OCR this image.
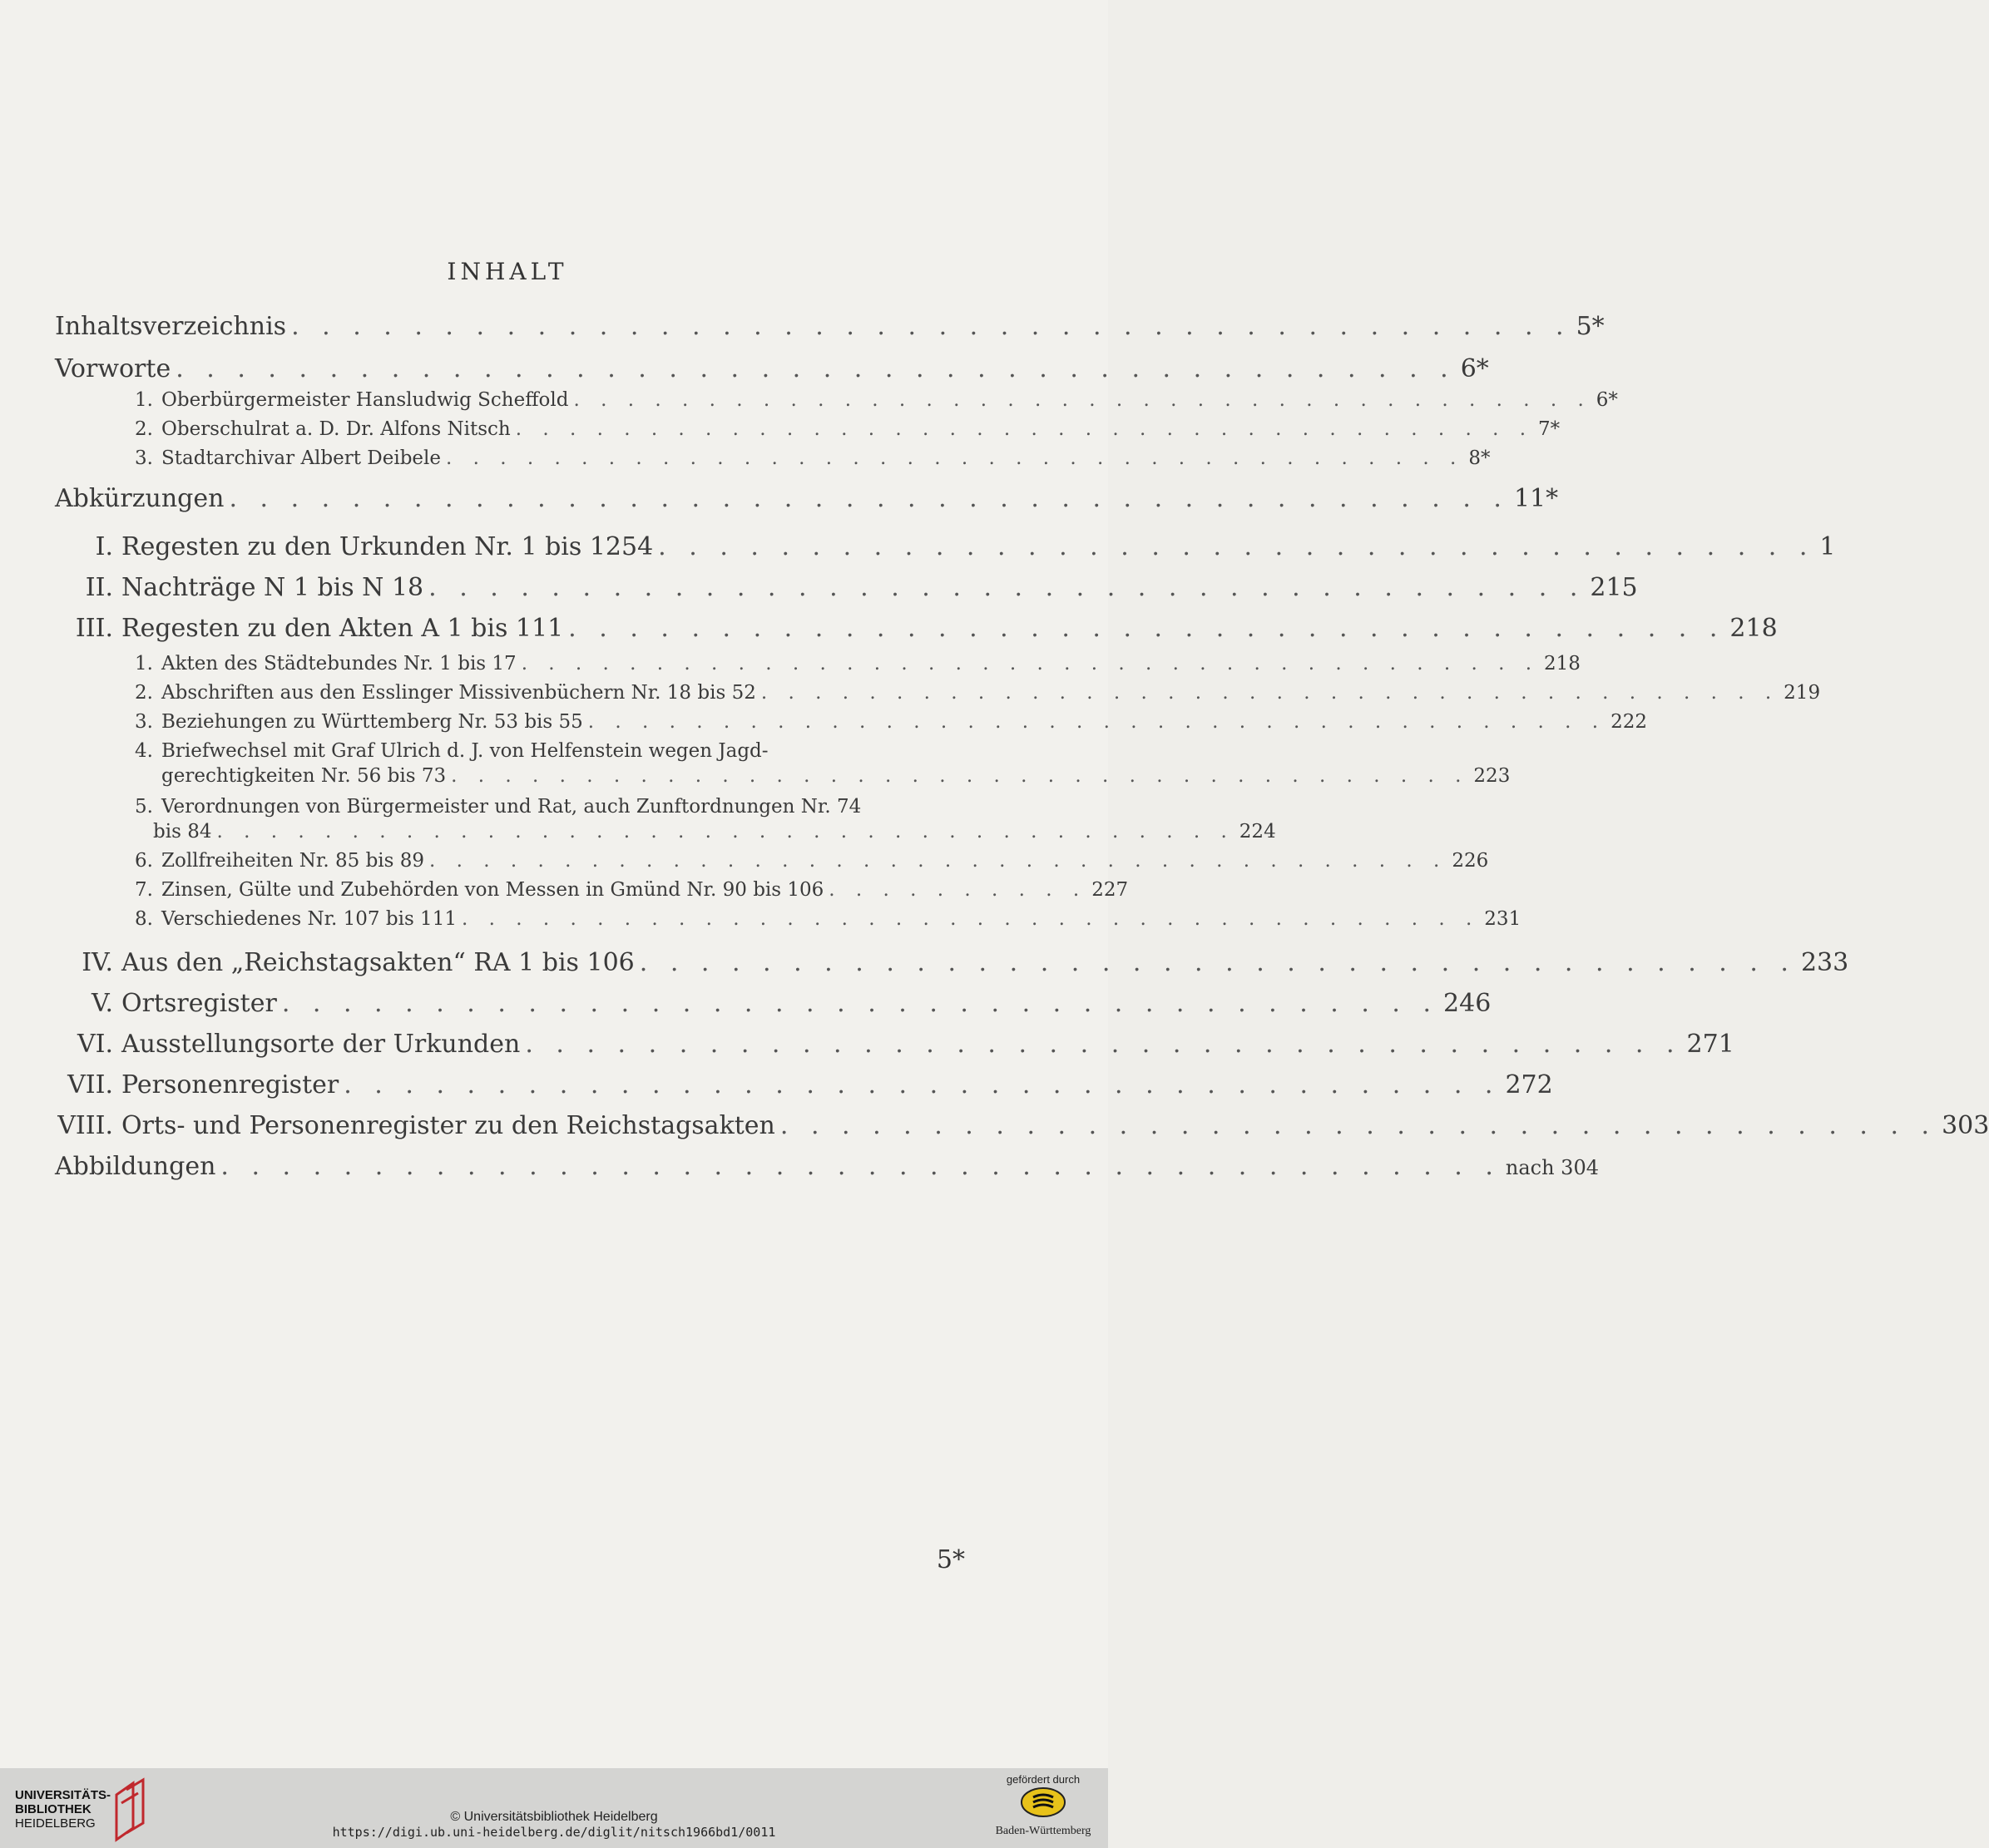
INHALT
Inhaltsverzeichnis . . . . . . . . . . . . . . . . . . . . . . . . . . . . . . . . . . . . . . . . . . 5*
Vorworte . . . . . . . . . . . . . . . . . . . . . . . . . . . . . . . . . . . . . . . . . . 6*
1. Oberbürgermeister Hansludwig Scheffold . . . . . . . . . . . . . . . . . . . . . . . . . . . . . . . . . . . . . . 6*
2. Oberschulrat a. D. Dr. Alfons Nitsch . . . . . . . . . . . . . . . . . . . . . . . . . . . . . . . . . . . . . . 7*
3. Stadtarchivar Albert Deibele . . . . . . . . . . . . . . . . . . . . . . . . . . . . . . . . . . . . . . 8*
Abkürzungen . . . . . . . . . . . . . . . . . . . . . . . . . . . . . . . . . . . . . . . . . . 11*
I. Regesten zu den Urkunden Nr. 1 bis 1254 . . . . . . . . . . . . . . . . . . . . . . . . . . . . . . . . . . . . . . 1
II. Nachträge N 1 bis N 18 . . . . . . . . . . . . . . . . . . . . . . . . . . . . . . . . . . . . . . 215
III. Regesten zu den Akten A 1 bis 111 . . . . . . . . . . . . . . . . . . . . . . . . . . . . . . . . . . . . . . 218
1. Akten des Städtebundes Nr. 1 bis 17 . . . . . . . . . . . . . . . . . . . . . . . . . . . . . . . . . . . . . . 218
2. Abschriften aus den Esslinger Missivenbüchern Nr. 18 bis 52 . . . . . . . . . . . . . . . . . . . . . . . . . . . . . . . . . . . . . . 219
3. Beziehungen zu Württemberg Nr. 53 bis 55 . . . . . . . . . . . . . . . . . . . . . . . . . . . . . . . . . . . . . . 222
4. Briefwechsel mit Graf Ulrich d. J. von Helfenstein wegen Jagd-
gerechtigkeiten Nr. 56 bis 73 . . . . . . . . . . . . . . . . . . . . . . . . . . . . . . . . . . . . . . 223
5. Verordnungen von Bürgermeister und Rat, auch Zunftordnungen Nr. 74
bis 84 . . . . . . . . . . . . . . . . . . . . . . . . . . . . . . . . . . . . . . 224
6. Zollfreiheiten Nr. 85 bis 89 . . . . . . . . . . . . . . . . . . . . . . . . . . . . . . . . . . . . . . 226
7. Zinsen, Gülte und Zubehörden von Messen in Gmünd Nr. 90 bis 106 . . . . . . . . . . 227
8. Verschiedenes Nr. 107 bis 111 . . . . . . . . . . . . . . . . . . . . . . . . . . . . . . . . . . . . . . 231
IV. Aus den „Reichstagsakten“ RA 1 bis 106 . . . . . . . . . . . . . . . . . . . . . . . . . . . . . . . . . . . . . . 233
V. Ortsregister . . . . . . . . . . . . . . . . . . . . . . . . . . . . . . . . . . . . . . 246
VI. Ausstellungsorte der Urkunden . . . . . . . . . . . . . . . . . . . . . . . . . . . . . . . . . . . . . . 271
VII. Personenregister . . . . . . . . . . . . . . . . . . . . . . . . . . . . . . . . . . . . . . 272
VIII. Orts- und Personenregister zu den Reichstagsakten . . . . . . . . . . . . . . . . . . . . . . . . . . . . . . . . . . . . . . 303
Abbildungen . . . . . . . . . . . . . . . . . . . . . . . . . . . . . . . . . . . . . . . . . . nach 304
5*
UNIVERSITÄTS-
BIBLIOTHEK
HEIDELBERG	© Universitätsbibliothek Heidelberg
https://digi.ub.uni-heidelberg.de/diglit/nitsch1966bd1/0011
gefördert durch
Baden-Württemberg
